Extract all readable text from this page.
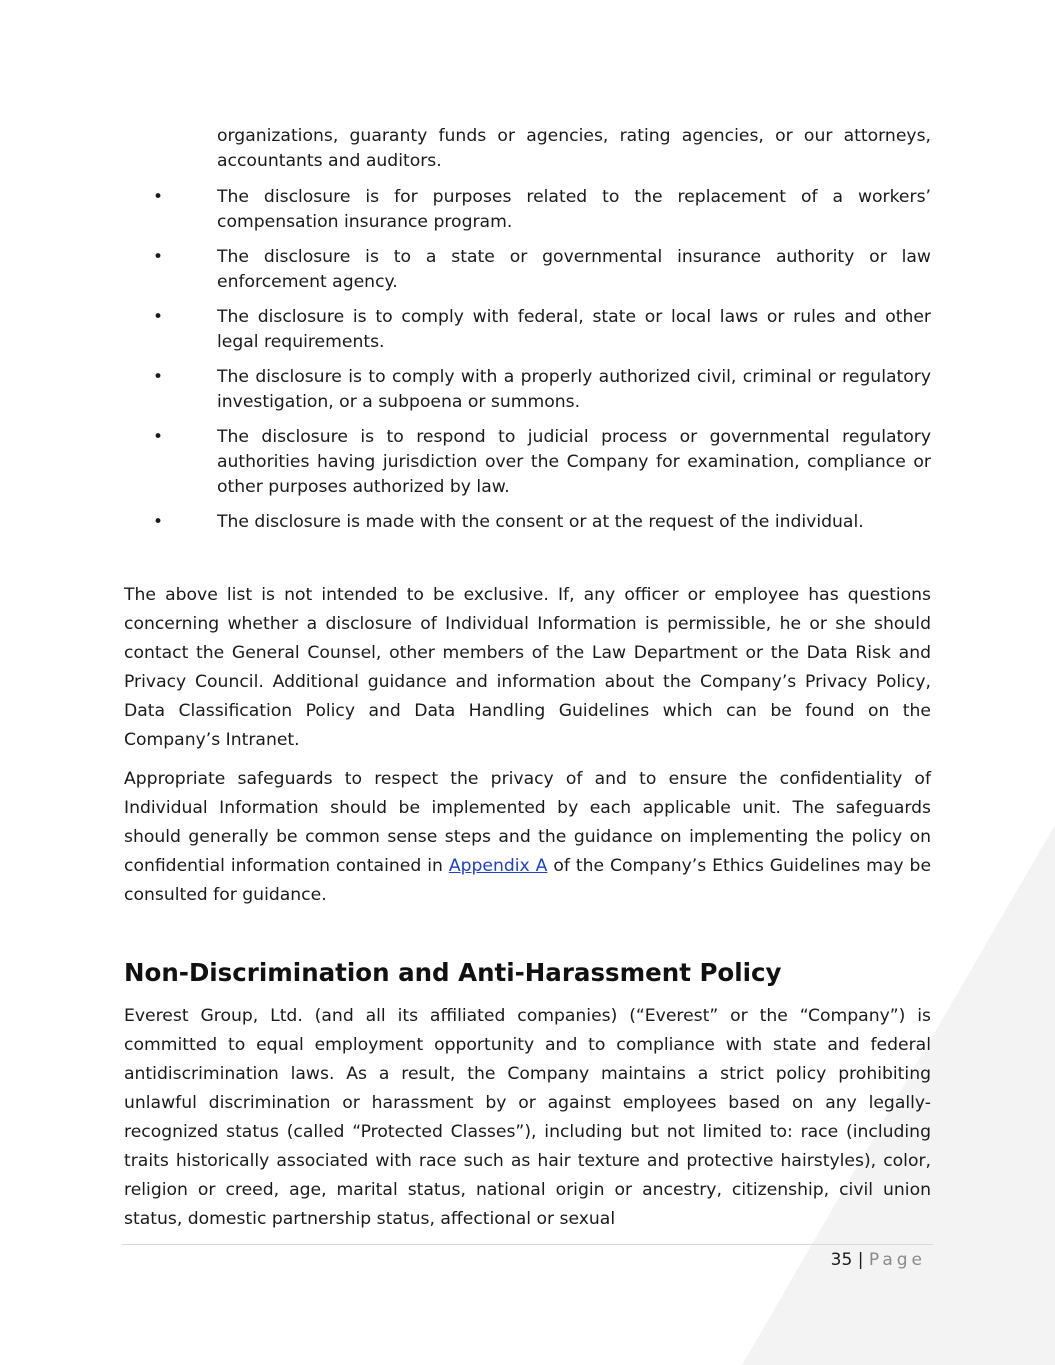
organizations, guaranty funds or agencies, rating agencies, or our attorneys, accountants and auditors.

•	The disclosure is for purposes related to the replacement of a workers’ compensation insurance program.
•	The disclosure is to a state or governmental insurance authority or law enforcement agency.
•	The disclosure is to comply with federal, state or local laws or rules and other legal requirements.
•	The disclosure is to comply with a properly authorized civil, criminal or regulatory investigation, or a subpoena or summons.
•	The disclosure is to respond to judicial process or governmental regulatory authorities having jurisdiction over the Company for examination, compliance or other purposes authorized by law.
•	The disclosure is made with the consent or at the request of the individual.

The above list is not intended to be exclusive. If, any officer or employee has questions concerning whether a disclosure of Individual Information is permissible, he or she should contact the General Counsel, other members of the Law Department or the Data Risk and Privacy Council. Additional guidance and information about the Company’s Privacy Policy, Data Classification Policy and Data Handling Guidelines which can be found on the Company’s Intranet.

Appropriate safeguards to respect the privacy of and to ensure the confidentiality of Individual Information should be implemented by each applicable unit. The safeguards should generally be common sense steps and the guidance on implementing the policy on confidential information contained in Appendix A of the Company’s Ethics Guidelines may be consulted for guidance.

Non-Discrimination and Anti-Harassment Policy

Everest Group, Ltd. (and all its affiliated companies) (“Everest” or the “Company”) is committed to equal employment opportunity and to compliance with state and federal antidiscrimination laws. As a result, the Company maintains a strict policy prohibiting unlawful discrimination or harassment by or against employees based on any legally-recognized status (called “Protected Classes”), including but not limited to: race (including traits historically associated with race such as hair texture and protective hairstyles), color, religion or creed, age, marital status, national origin or ancestry, citizenship, civil union status, domestic partnership status, affectional or sexual

35 | Page
